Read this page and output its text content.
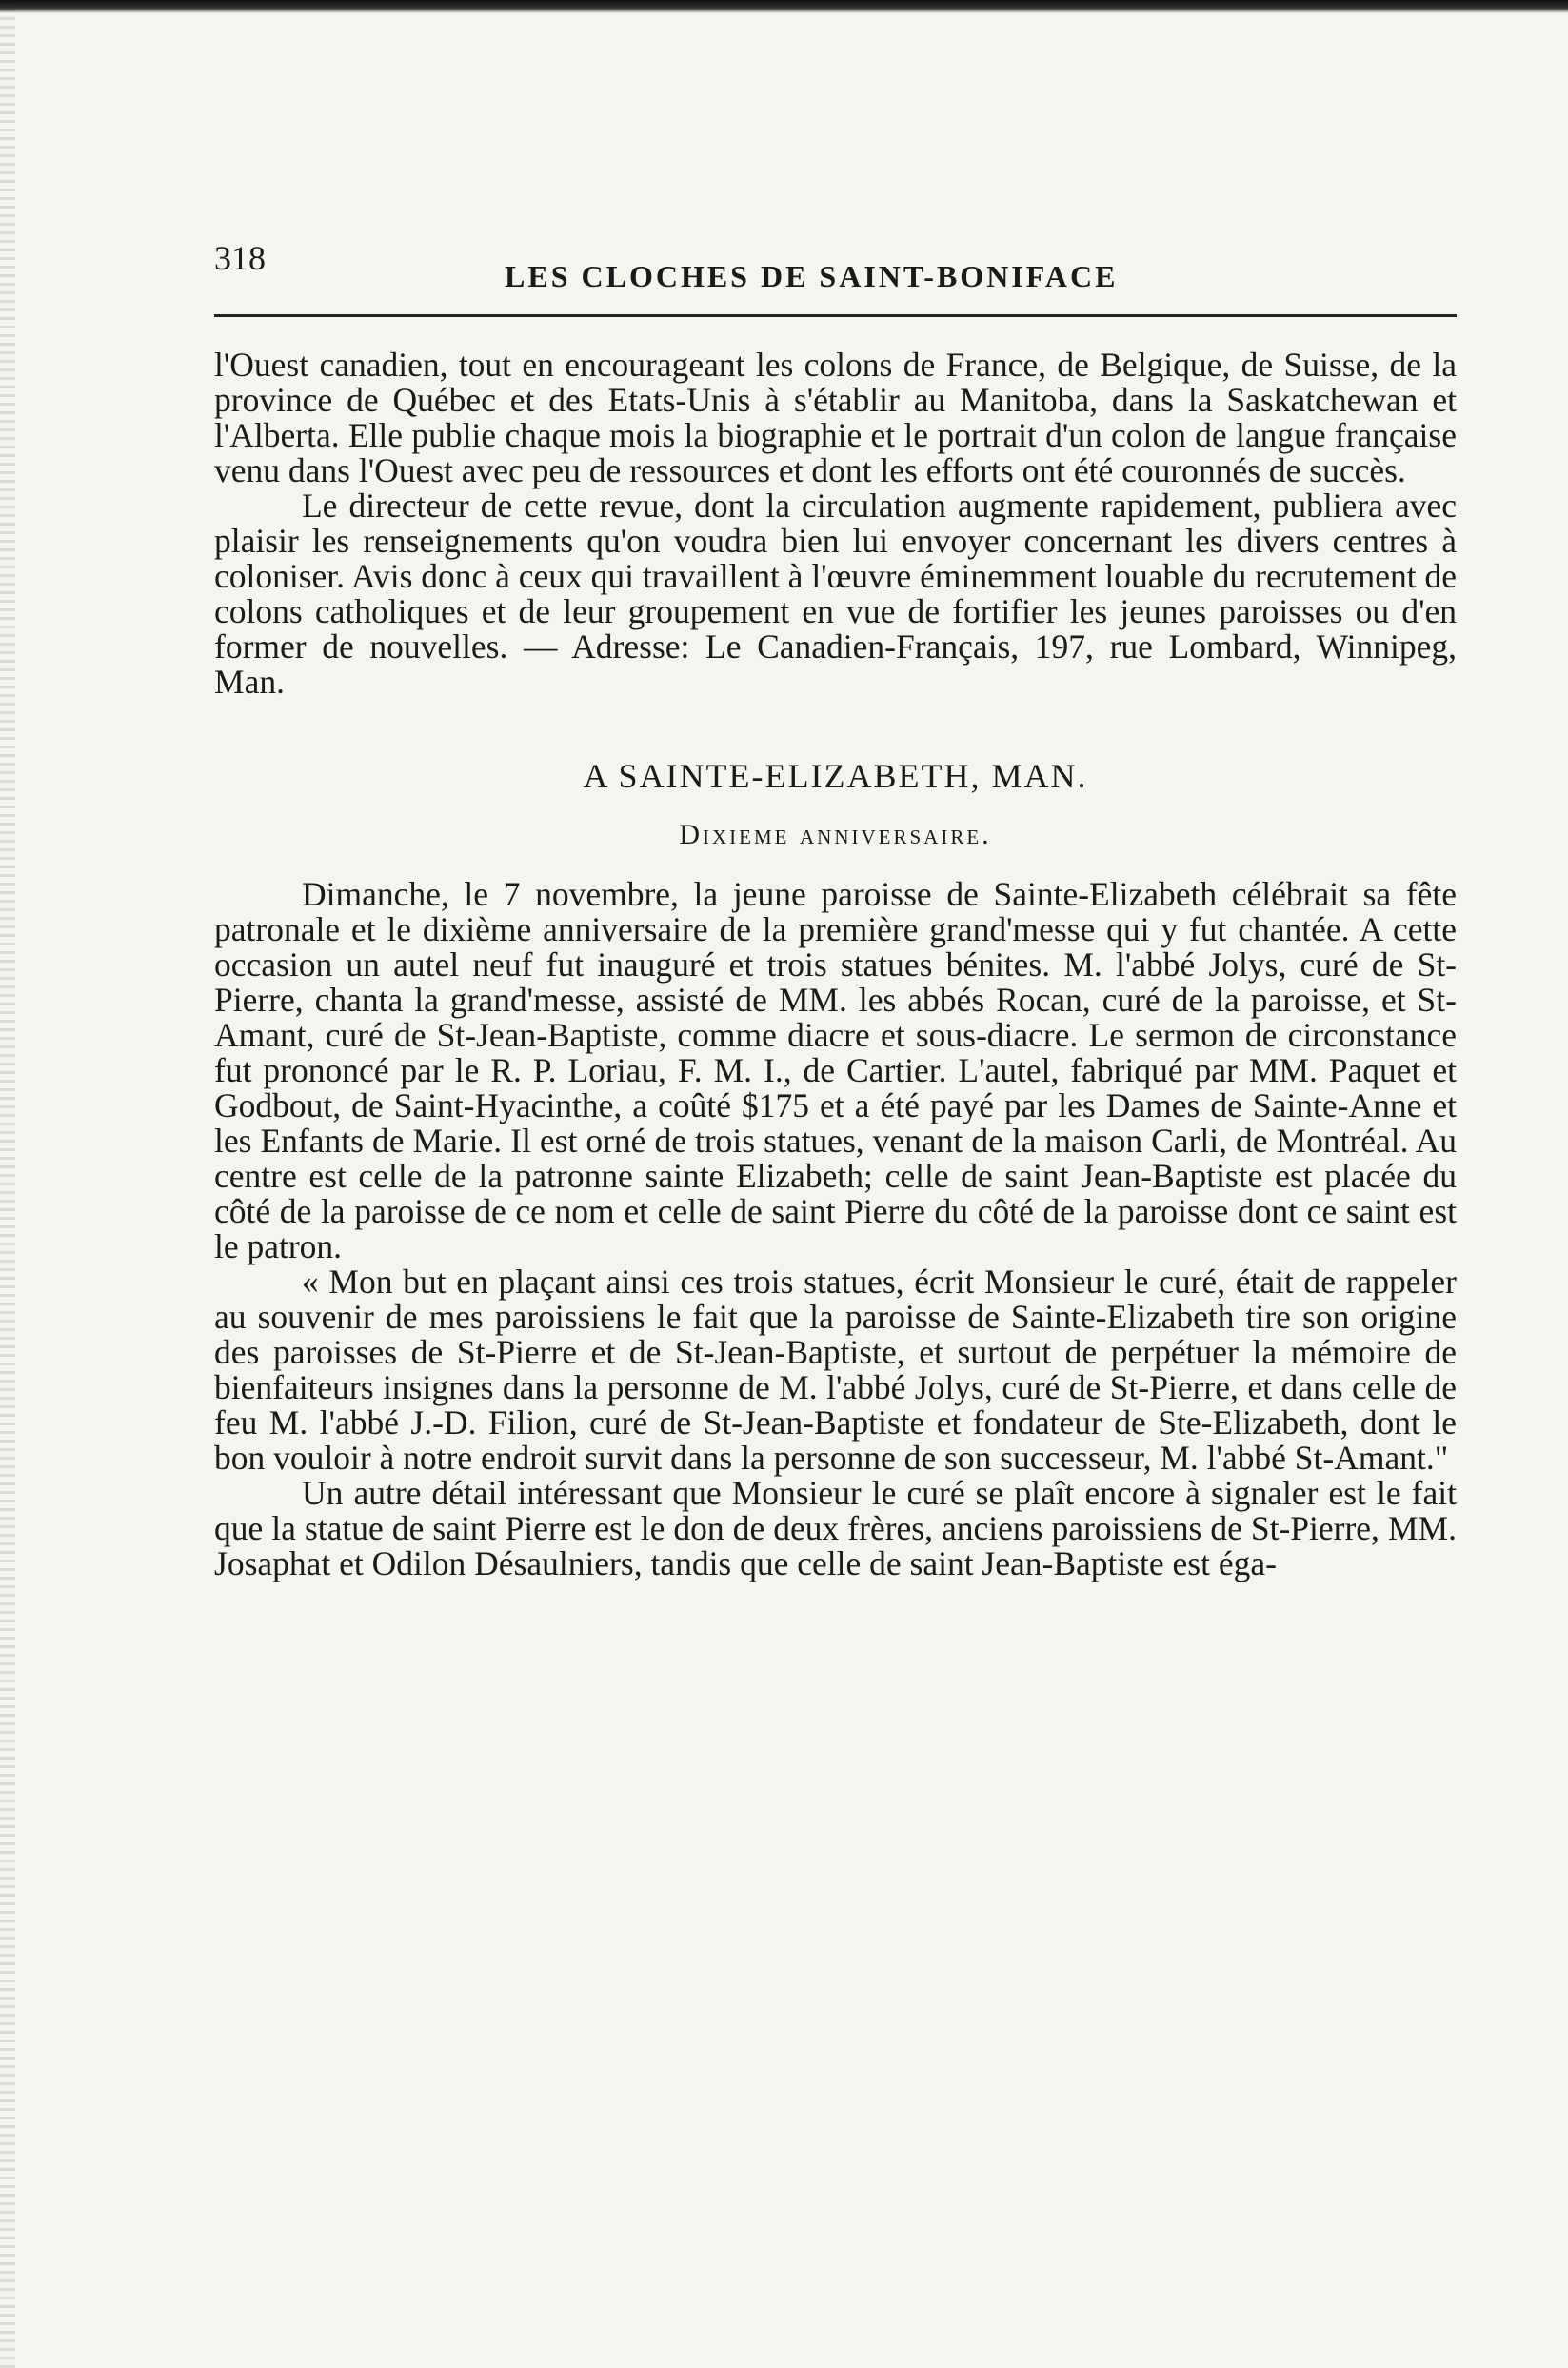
318	LES CLOCHES DE SAINT-BONIFACE

l'Ouest canadien, tout en encourageant les colons de France, de Belgique, de Suisse, de la province de Québec et des Etats-Unis à s'établir au Manitoba, dans la Saskatchewan et l'Alberta. Elle publie chaque mois la biographie et le portrait d'un colon de langue française venu dans l'Ouest avec peu de ressources et dont les efforts ont été couronnés de succès.

Le directeur de cette revue, dont la circulation augmente rapidement, publiera avec plaisir les renseignements qu'on voudra bien lui envoyer concernant les divers centres à coloniser. Avis donc à ceux qui travaillent à l'œuvre éminemment louable du recrutement de colons catholiques et de leur groupement en vue de fortifier les jeunes paroisses ou d'en former de nouvelles. — Adresse: Le Canadien-Français, 197, rue Lombard, Winnipeg, Man.

A SAINTE-ELIZABETH, MAN.
Dixieme anniversaire.

Dimanche, le 7 novembre, la jeune paroisse de Sainte-Elizabeth célébrait sa fête patronale et le dixième anniversaire de la première grand'messe qui y fut chantée. A cette occasion un autel neuf fut inauguré et trois statues bénites. M. l'abbé Jolys, curé de St-Pierre, chanta la grand'messe, assisté de MM. les abbés Rocan, curé de la paroisse, et St-Amant, curé de St-Jean-Baptiste, comme diacre et sous-diacre. Le sermon de circonstance fut prononcé par le R. P. Loriau, F. M. I., de Cartier. L'autel, fabriqué par MM. Paquet et Godbout, de Saint-Hyacinthe, a coûté $175 et a été payé par les Dames de Sainte-Anne et les Enfants de Marie. Il est orné de trois statues, venant de la maison Carli, de Montréal. Au centre est celle de la patronne sainte Elizabeth; celle de saint Jean-Baptiste est placée du côté de la paroisse de ce nom et celle de saint Pierre du côté de la paroisse dont ce saint est le patron.

« Mon but en plaçant ainsi ces trois statues, écrit Monsieur le curé, était de rappeler au souvenir de mes paroissiens le fait que la paroisse de Sainte-Elizabeth tire son origine des paroisses de St-Pierre et de St-Jean-Baptiste, et surtout de perpétuer la mémoire de bienfaiteurs insignes dans la personne de M. l'abbé Jolys, curé de St-Pierre, et dans celle de feu M. l'abbé J.-D. Filion, curé de St-Jean-Baptiste et fondateur de Ste-Elizabeth, dont le bon vouloir à notre endroit survit dans la personne de son successeur, M. l'abbé St-Amant."

Un autre détail intéressant que Monsieur le curé se plaît encore à signaler est le fait que la statue de saint Pierre est le don de deux frères, anciens paroissiens de St-Pierre, MM. Josaphat et Odilon Désaulniers, tandis que celle de saint Jean-Baptiste est éga-
